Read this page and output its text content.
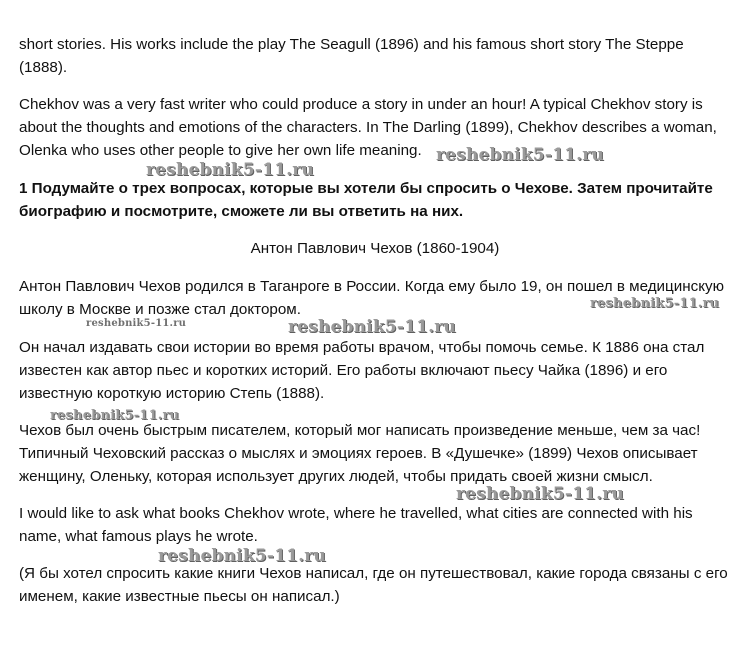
short stories. His works include the play The Seagull (1896) and his famous short story The Steppe
(1888).

Chekhov was a very fast writer who could produce a story in under an hour! A typical Chekhov story is
about the thoughts and emotions of the characters. In The Darling (1899), Chekhov describes a woman,
Olenka who uses other people to give her own life meaning.

1 Подумайте о трех вопросах, которые вы хотели бы спросить о Чехове. Затем прочитайте
биографию и посмотрите, сможете ли вы ответить на них.

Антон Павлович Чехов (1860-1904)

Антон Павлович Чехов родился в Таганроге в России. Когда ему было 19, он пошел в медицинскую
школу в Москве и позже стал доктором.

Он начал издавать свои истории во время работы врачом, чтобы помочь семье. К 1886 она стал
известен как автор пьес и коротких историй. Его работы включают пьесу Чайка (1896) и его
известную короткую историю Степь (1888).

Чехов был очень быстрым писателем, который мог написать произведение меньше, чем за час!
Типичный Чеховский рассказ о мыслях и эмоциях героев. В «Душечке» (1899) Чехов описывает
женщину, Оленьку, которая использует других людей, чтобы придать своей жизни смысл.

I would like to ask what books Chekhov wrote, where he travelled, what cities are connected with his
name, what famous plays he wrote.

(Я бы хотел спросить какие книги Чехов написал, где он путешествовал, какие города связаны с его
именем, какие известные пьесы он написал.)

reshebnik5-11.ru
reshebnik5-11.ru
reshebnik5-11.ru
reshebnik5-11.ru	reshebnik5-11.ru
reshebnik5-11.ru
reshebnik5-11.ru
reshebnik5-11.ru
